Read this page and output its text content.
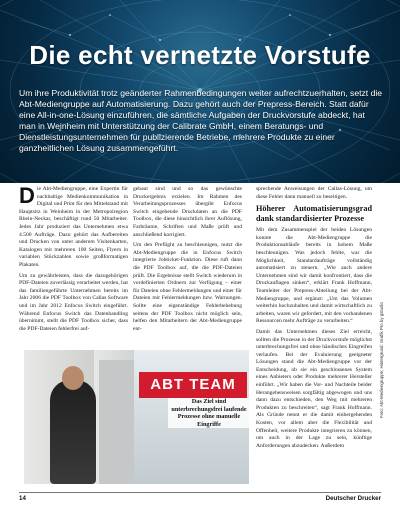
Die echt vernetzte Vorstufe
Um ihre Produktivität trotz geänderter Rahmenbedingungen weiter aufrechtzuerhalten, setzt die Abt-Mediengruppe auf Automatisierung. Dazu gehört auch der Prepress-Bereich. Statt dafür eine All-in-one-Lösung einzuführen, die sämtliche Aufgaben der Druckvorstufe abdeckt, hat man in Weinheim mit Unterstützung der Calibrate GmbH, einem Beratungs- und Dienstleistungsunternehmen für publizierende Betriebe, mehrere Produkte zu einer ganzheitlichen Lösung zusammengeführt.

Die Abt-Mediengruppe, eine Expertin für nachhaltige Medienkommunikation in Digital und Print für den Mittelstand mit Hauptsitz in Weinheim in der Metropolregion Rhein-Neckar, beschäftigt rund 50 Mitarbeiter. Jedes Jahr produziert das Unternehmen etwa 4.500 Aufträge. Dazu gehört das Aufbereiten und Drucken von unter anderem Visitenkarten, Katalogen mit mehreren 100 Seiten, Flyern in variablen Stückzahlen sowie großformatigen Plakaten.

Um zu gewährleisten, dass die dazugehörigen PDF-Dateien zuverlässig verarbeitet werden, hat das familiengeführte Unternehmen bereits im Jahr 2006 die PDF Toolbox von Callas Software und im Jahr 2012 Enfocus Switch eingeführt. Während Enfocus Switch das Datenhandling übernimmt, stellt die PDF Toolbox sicher, dass die PDF-Dateien fehlerfrei auf-

gebaut sind und so das gewünschte Druckergebnis erzielen. Im Rahmen des Verarbeitungsprozesses übergibt Enfocus Switch eingehende Druckdaten an die PDF Toolbox, die diese hinsichtlich ihrer Auflösung, Farbräume, Schriften und Maße prüft und anschließend korrigiert.

Um den Preflight zu beschleunigen, nutzt die Abt-Mediengruppe die in Enfocus Switch integrierte Jobticket-Funktion. Diese ruft dann die PDF Toolbox auf, die die PDF-Dateien prüft. Die Ergebnisse stellt Switch wiederum in vordefinierten Ordnern zur Verfügung – einer für Dateien ohne Fehlermeldungen und einer für Dateien mit Fehlermeldungen bzw. Warnungen. Sollte eine eigenständige Fehlerbehebung seitens der PDF Toolbox nicht möglich sein, helfen den Mitarbeitern der Abt-Mediengruppe ent-

sprechende Anweisungen der Callas-Lösung, um diese Fehler dann manuell zu beseitigen.

Höherer Automatisierungsgrad dank standardisierter Prozesse

Mit dem Zusammenspiel der beiden Lösungen konnte die Abt-Mediengruppe die Produktionsabläufe bereits in hohem Maße beschleunigen. Was jedoch fehlte, war die Möglichkeit, Standardaufträge vollständig automatisiert zu steuern. „Wie auch andere Unternehmen sind wir damit konfrontiert, dass die Druckauflagen sinken“, erklärt Frank Hoffmann, Teamleiter der Prepress-Abteilung bei der Abt-Mediengruppe, und ergänzt: „Um das Volumen weiterhin hochzuhalten und damit wirtschaftlich zu arbeiten, waren wir gefordert, mit den vorhandenen Ressourcen mehr Aufträge zu verarbeiten.“

Damit das Unternehmen dieses Ziel erreicht, sollten die Prozesse in der Druckvorstufe möglichst unterbrechungsfrei und ohne händisches Eingreifen verlaufen. Bei der Evaluierung geeigneter Lösungen stand die Abt-Mediengruppe vor der Entscheidung, ob sie ein geschlossenes System eines Anbieters oder Produkte mehrerer Hersteller einführt. „Wir haben die Vor- und Nachteile beider Herangehensweisen sorgfältig abgewogen und uns dann dazu entschieden, den Weg mit mehreren Produkten zu beschreiten“, sagt Frank Hoffmann. Als Gründe nennt er die damit einhergehenden Kosten, vor allem aber die Flexibilität und Offenheit, weitere Produkte integrieren zu können, um auch in der Lage zu sein, künftige Anforderungen abzudecken. Außerdem

ABT TEAM
Das Ziel sind unterbrechungsfrei laufende Prozesse ohne manuelle Eingriffe
Foto: Abt-Mediengruppe; Hintergrund: Grafik Pro by gstudio
14	Deutscher Drucker
